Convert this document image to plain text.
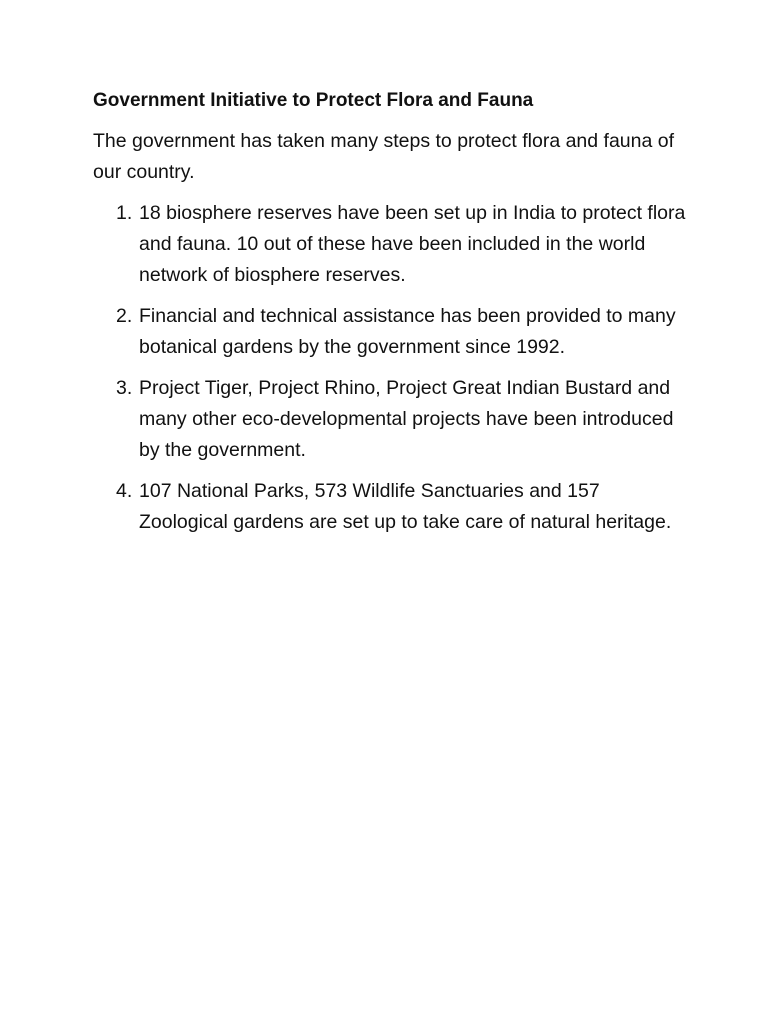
Government Initiative to Protect Flora and Fauna

The government has taken many steps to protect flora and fauna of our country.

1. 18 biosphere reserves have been set up in India to protect flora and fauna. 10 out of these have been included in the world network of biosphere reserves.
2. Financial and technical assistance has been provided to many botanical gardens by the government since 1992.
3. Project Tiger, Project Rhino, Project Great Indian Bustard and many other eco-developmental projects have been introduced by the government.
4. 107 National Parks, 573 Wildlife Sanctuaries and 157 Zoological gardens are set up to take care of natural heritage.
